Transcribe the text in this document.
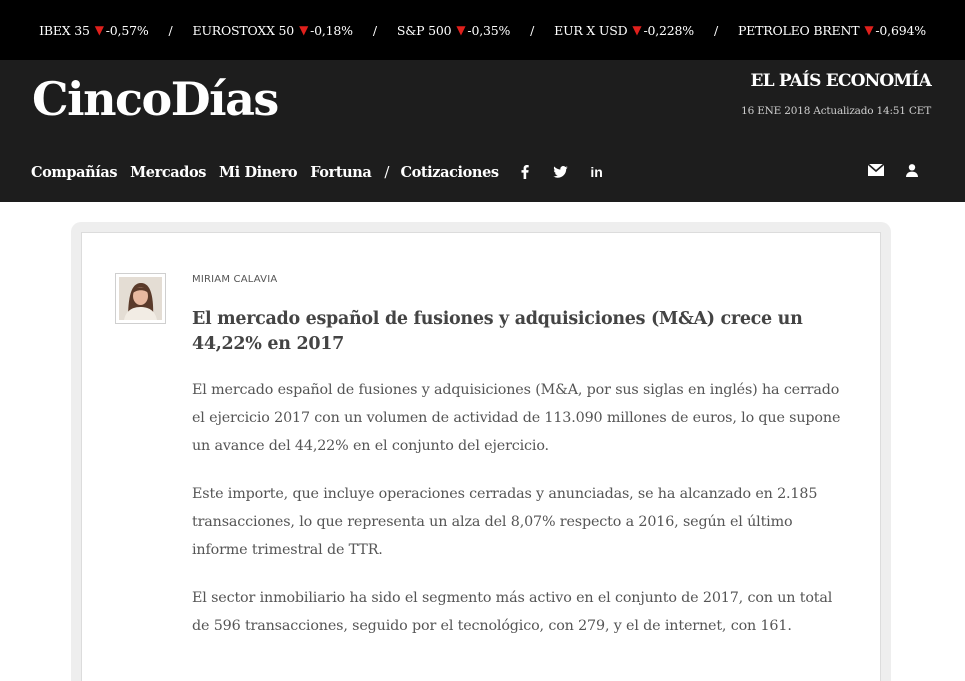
IBEX 35 ▼ -0,57% / EUROSTOXX 50 ▼ -0,18% / S&P 500 ▼ -0,35% / EUR X USD ▼ -0,228% / PETROLEO BRENT ▼ -0,694%
CincoDías	EL PAÍS ECONOMÍA
16 ENE 2018 Actualizado 14:51 CET
Compañías Mercados Mi Dinero Fortuna / Cotizaciones	in
MIRIAM CALAVIA
El mercado español de fusiones y adquisiciones (M&A) crece un 44,22% en 2017

El mercado español de fusiones y adquisiciones (M&A, por sus siglas en inglés) ha cerrado el ejercicio 2017 con un volumen de actividad de 113.090 millones de euros, lo que supone un avance del 44,22% en el conjunto del ejercicio.

Este importe, que incluye operaciones cerradas y anunciadas, se ha alcanzado en 2.185 transacciones, lo que representa un alza del 8,07% respecto a 2016, según el último informe trimestral de TTR.

El sector inmobiliario ha sido el segmento más activo en el conjunto de 2017, con un total de 596 transacciones, seguido por el tecnológico, con 279, y el de internet, con 161.
